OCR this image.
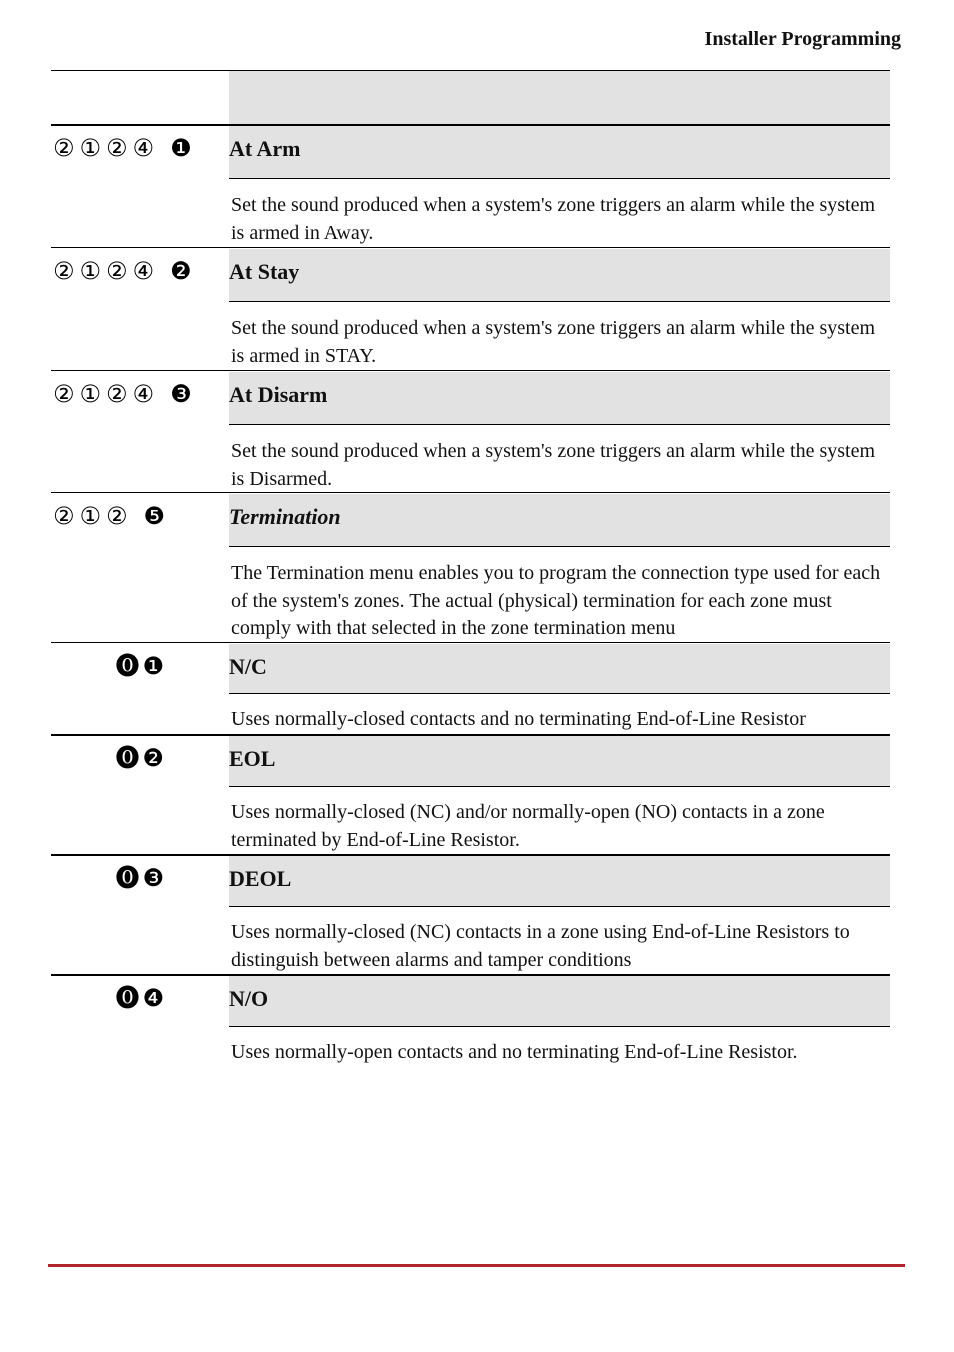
Installer Programming
② ① ② ④ ❶ At Arm
Set the sound produced when a system's zone triggers an alarm while the system is armed in Away.
② ① ② ④ ❷ At Stay
Set the sound produced when a system's zone triggers an alarm while the system is armed in STAY.
② ① ② ④ ❸ At Disarm
Set the sound produced when a system's zone triggers an alarm while the system is Disarmed.
② ① ② ❺	Termination
The Termination menu enables you to program the connection type used for each of the system's zones. The actual (physical) termination for each zone must comply with that selected in the zone termination menu
⓿ ❶	N/C
Uses normally-closed contacts and no terminating End-of-Line Resistor
⓿ ❷	EOL
Uses normally-closed (NC) and/or normally-open (NO) contacts in a zone terminated by End-of-Line Resistor.
⓿ ❸	DEOL
Uses normally-closed (NC) contacts in a zone using End-of-Line Resistors to distinguish between alarms and tamper conditions
⓿ ❹	N/O
Uses normally-open contacts and no terminating End-of-Line Resistor.
